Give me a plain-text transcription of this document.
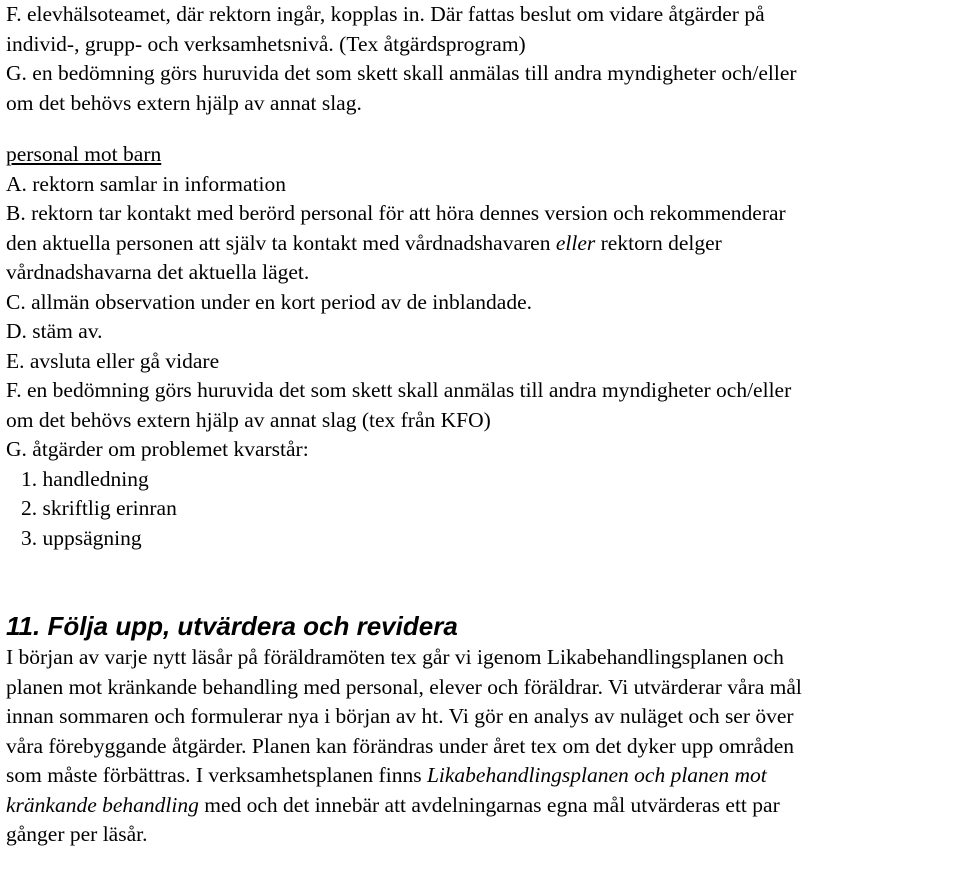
F. elevhälsoteamet, där rektorn ingår, kopplas in. Där fattas beslut om vidare åtgärder på
individ-, grupp- och verksamhetsnivå. (Tex åtgärdsprogram)
G. en bedömning görs huruvida det som skett skall anmälas till andra myndigheter och/eller
om det behövs extern hjälp av annat slag.
personal mot barn
A. rektorn samlar in information
B. rektorn tar kontakt med berörd personal för att höra dennes version och rekommenderar
den aktuella personen att själv ta kontakt med vårdnadshavaren eller rektorn delger
vårdnadshavarna det aktuella läget.
C. allmän observation under en kort period av de inblandade.
D. stäm av.
E. avsluta eller gå vidare
F. en bedömning görs huruvida det som skett skall anmälas till andra myndigheter och/eller
om det behövs extern hjälp av annat slag (tex från KFO)
G. åtgärder om problemet kvarstår:
1. handledning
2. skriftlig erinran
3. uppsägning
11. Följa upp, utvärdera och revidera
I början av varje nytt läsår på föräldramöten tex går vi igenom Likabehandlingsplanen och
planen mot kränkande behandling med personal, elever och föräldrar. Vi utvärderar våra mål
innan sommaren och formulerar nya i början av ht. Vi gör en analys av nuläget och ser över
våra förebyggande åtgärder. Planen kan förändras under året tex om det dyker upp områden
som måste förbättras. I verksamhetsplanen finns Likabehandlingsplanen och planen mot
kränkande behandling med och det innebär att avdelningarnas egna mål utvärderas ett par
gånger per läsår.
